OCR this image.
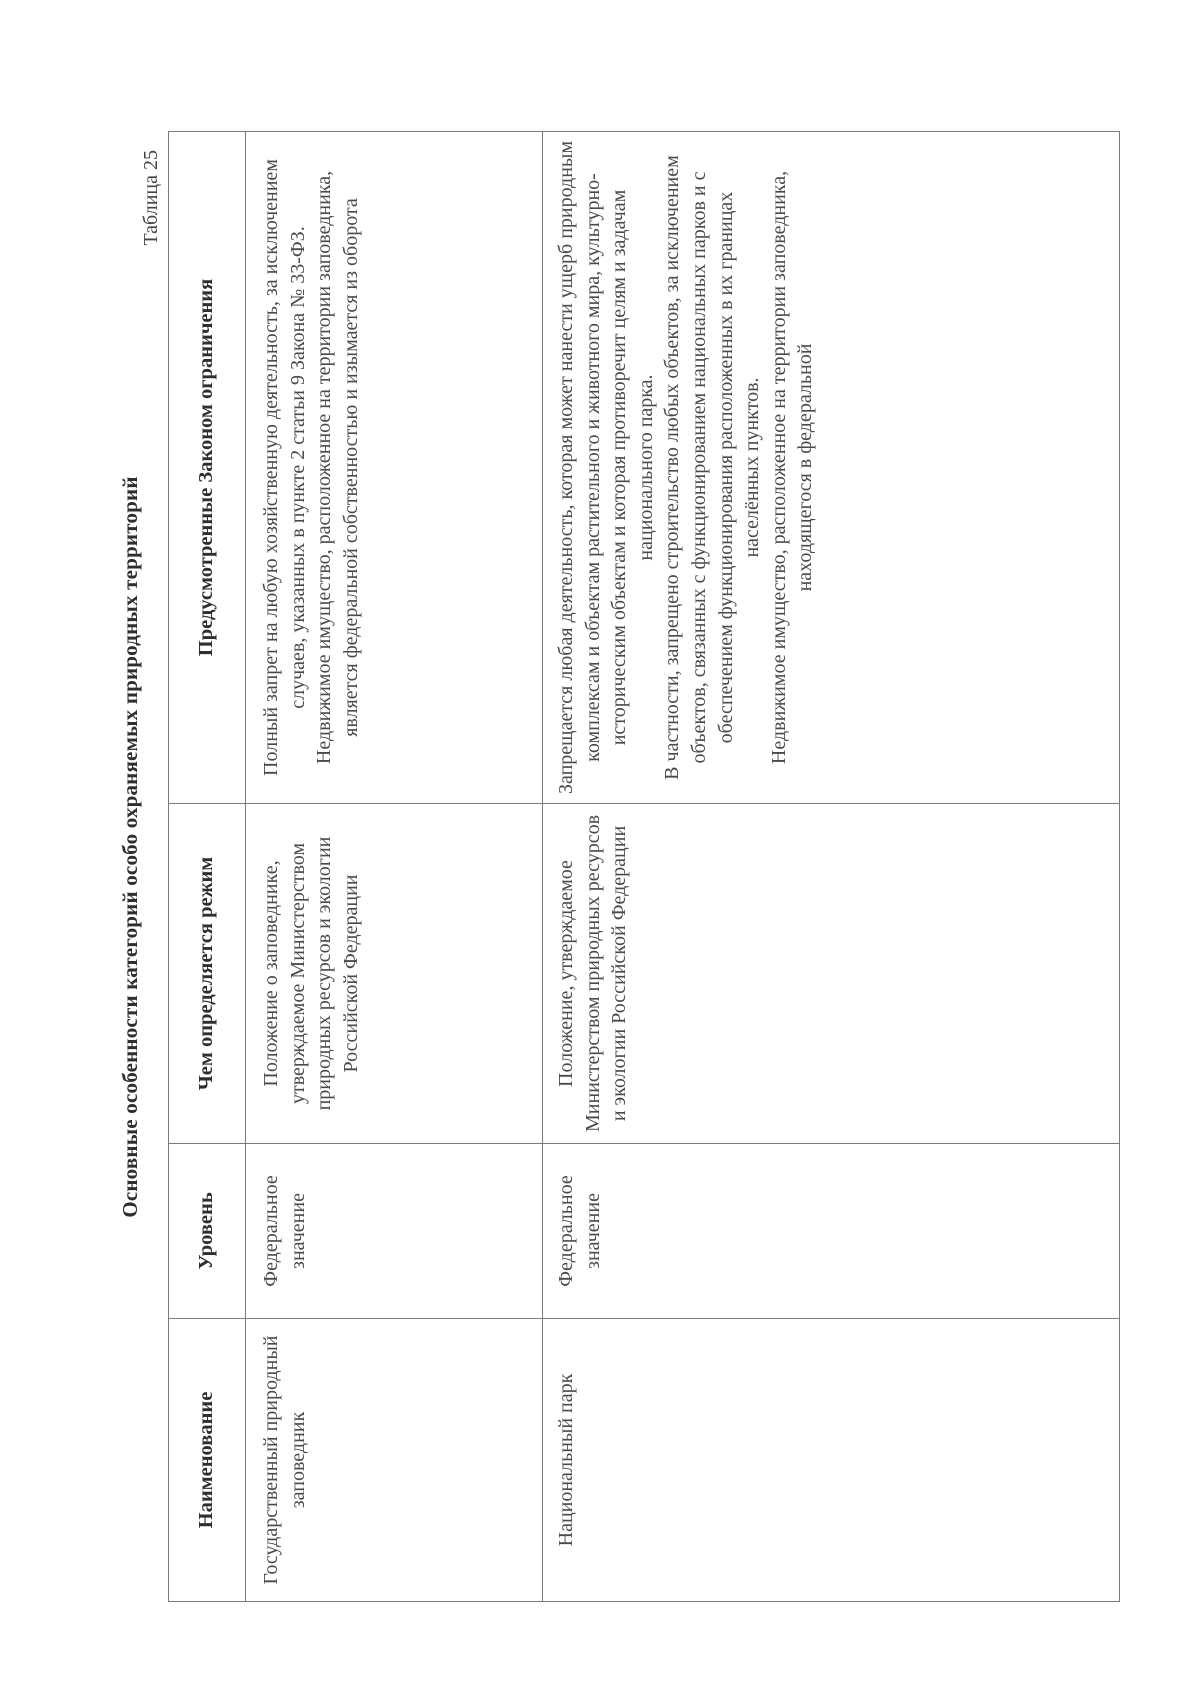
Основные особенности категорий особо охраняемых природных территорий
Таблица 25
Наименование	Уровень	Чем определяется режим	Предусмотренные Законом ограничения
Государственный природный заповедник	Федеральное значение	Положение о заповеднике, утверждаемое Министерством природных ресурсов и экологии Российской Федерации	Полный запрет на любую хозяйственную деятельность, за исключением случаев, указанных в пункте 2 статьи 9 Закона № 33-ФЗ. Недвижимое имущество, расположенное на территории заповедника, является федеральной собственностью и изымается из оборота

Национальный парк	Федеральное значение	Положение, утверждаемое Министерством природных ресурсов и экологии Российской Федерации	Запрещается любая деятельность, которая может нанести ущерб природным комплексам и объектам растительного и животного мира, культурно-историческим объектам и которая противоречит целям и задачам национального парка. В частности, запрещено строительство любых объектов, за исключением объектов, связанных с функционированием национальных парков и с обеспечением функционирования расположенных в их границах населённых пунктов. Недвижимое имущество, расположенное на территории заповедника, находящегося в федеральной
